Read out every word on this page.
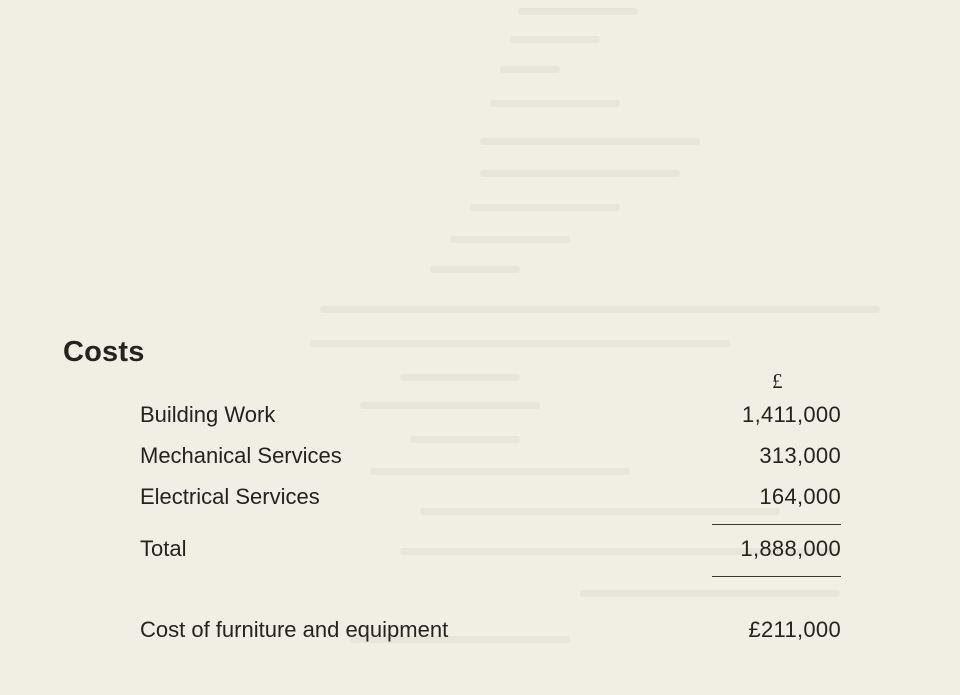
Costs
£
Building Work	1,411,000
Mechanical Services	313,000
Electrical Services	164,000
Total	1,888,000
Cost of furniture and equipment	£211,000
